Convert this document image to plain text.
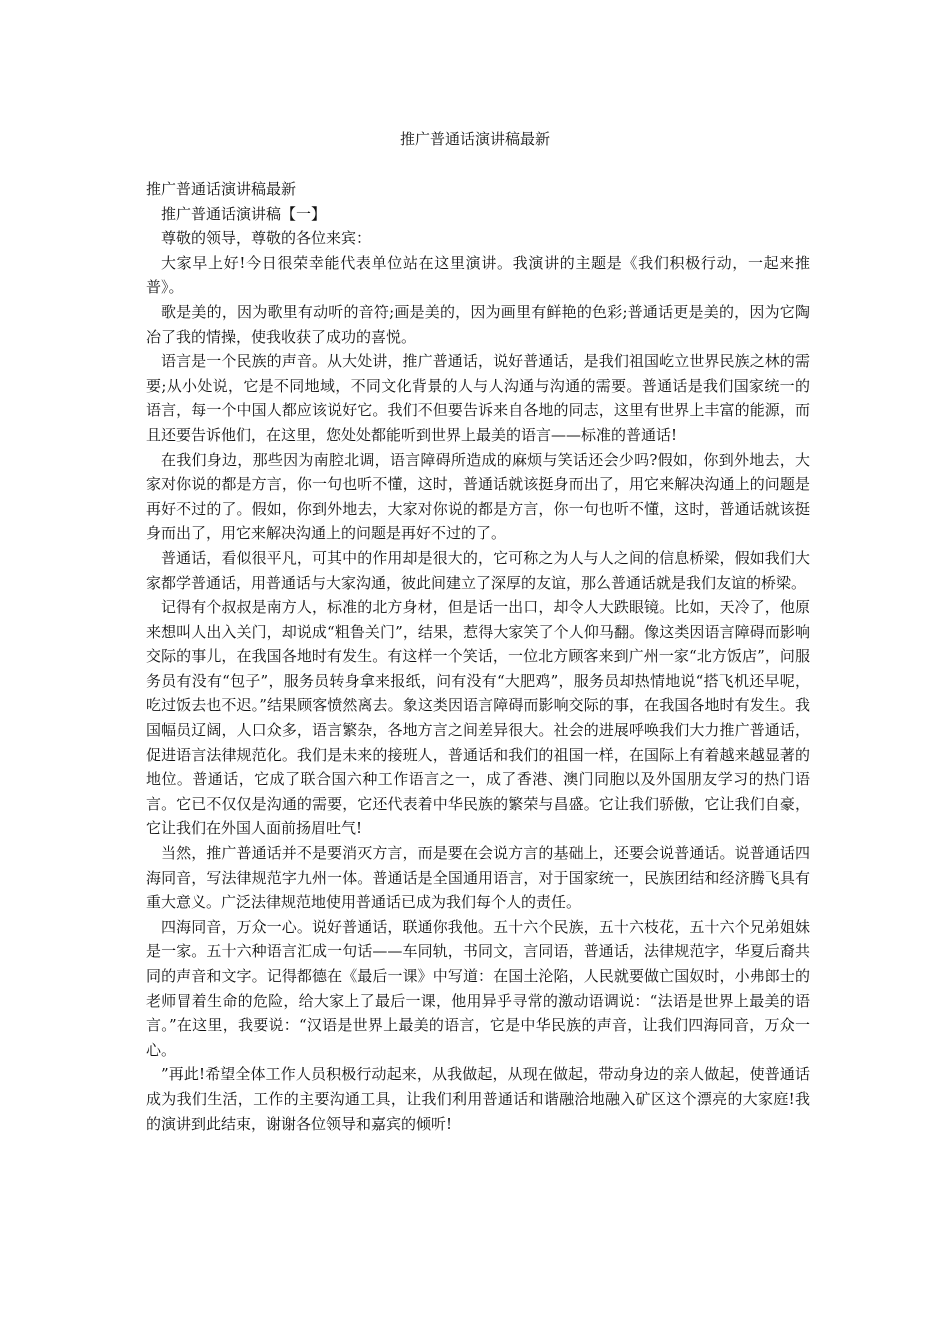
推广普通话演讲稿最新

推广普通话演讲稿最新

推广普通话演讲稿【一】

尊敬的领导，尊敬的各位来宾：

大家早上好!今日很荣幸能代表单位站在这里演讲。我演讲的主题是《我们积极行动，一起来推普》。

歌是美的，因为歌里有动听的音符;画是美的，因为画里有鲜艳的色彩;普通话更是美的，因为它陶冶了我的情操，使我收获了成功的喜悦。

语言是一个民族的声音。从大处讲，推广普通话，说好普通话，是我们祖国屹立世界民族之林的需要;从小处说，它是不同地域，不同文化背景的人与人沟通与沟通的需要。普通话是我们国家统一的语言，每一个中国人都应该说好它。我们不但要告诉来自各地的同志，这里有世界上丰富的能源，而且还要告诉他们，在这里，您处处都能听到世界上最美的语言——标准的普通话!

在我们身边，那些因为南腔北调，语言障碍所造成的麻烦与笑话还会少吗?假如，你到外地去，大家对你说的都是方言，你一句也听不懂，这时，普通话就该挺身而出了，用它来解决沟通上的问题是再好不过的了。假如，你到外地去，大家对你说的都是方言，你一句也听不懂，这时，普通话就该挺身而出了，用它来解决沟通上的问题是再好不过的了。

普通话，看似很平凡，可其中的作用却是很大的，它可称之为人与人之间的信息桥梁，假如我们大家都学普通话，用普通话与大家沟通，彼此间建立了深厚的友谊，那么普通话就是我们友谊的桥梁。

记得有个叔叔是南方人，标准的北方身材，但是话一出口，却令人大跌眼镜。比如，天冷了，他原来想叫人出入关门，却说成“粗鲁关门”，结果，惹得大家笑了个人仰马翻。像这类因语言障碍而影响交际的事儿，在我国各地时有发生。有这样一个笑话，一位北方顾客来到广州一家“北方饭店”，问服务员有没有“包子”，服务员转身拿来报纸，问有没有“大肥鸡”，服务员却热情地说“搭飞机还早呢，吃过饭去也不迟。”结果顾客愤然离去。象这类因语言障碍而影响交际的事，在我国各地时有发生。我国幅员辽阔，人口众多，语言繁杂，各地方言之间差异很大。社会的进展呼唤我们大力推广普通话，促进语言法律规范化。我们是未来的接班人，普通话和我们的祖国一样，在国际上有着越来越显著的地位。普通话，它成了联合国六种工作语言之一，成了香港、澳门同胞以及外国朋友学习的热门语言。它已不仅仅是沟通的需要，它还代表着中华民族的繁荣与昌盛。它让我们骄傲，它让我们自豪，它让我们在外国人面前扬眉吐气!

当然，推广普通话并不是要消灭方言，而是要在会说方言的基础上，还要会说普通话。说普通话四海同音，写法律规范字九州一体。普通话是全国通用语言，对于国家统一，民族团结和经济腾飞具有重大意义。广泛法律规范地使用普通话已成为我们每个人的责任。

四海同音，万众一心。说好普通话，联通你我他。五十六个民族，五十六枝花，五十六个兄弟姐妹是一家。五十六种语言汇成一句话——车同轨，书同文，言同语，普通话，法律规范字，华夏后裔共同的声音和文字。记得都德在《最后一课》中写道：在国土沦陷，人民就要做亡国奴时，小弗郎士的老师冒着生命的危险，给大家上了最后一课，他用异乎寻常的激动语调说：“法语是世界上最美的语言。”在这里，我要说：“汉语是世界上最美的语言，它是中华民族的声音，让我们四海同音，万众一心。

”再此!希望全体工作人员积极行动起来，从我做起，从现在做起，带动身边的亲人做起，使普通话成为我们生活，工作的主要沟通工具，让我们利用普通话和谐融洽地融入矿区这个漂亮的大家庭!我的演讲到此结束，谢谢各位领导和嘉宾的倾听!
